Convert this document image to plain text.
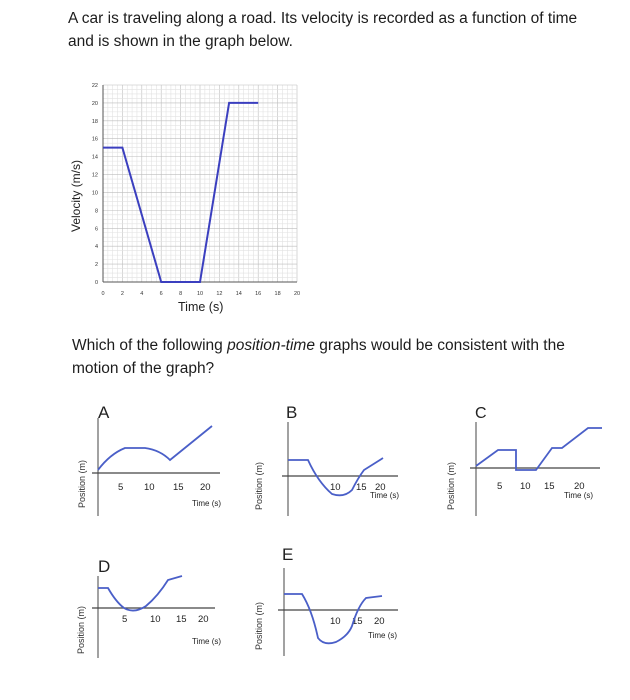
A car is traveling along a road. Its velocity is recorded as a function of time
and is shown in the graph below.
0	2	4	6	8	10 12 14 16 18 20
0
2
4
6
8
10
12
14
16
18
20
22
Velocity (m/s)
Time (s)
Which of the following position-time graphs would be consistent with the
motion of the graph?
A
Position (m)	5 10 15 20
Time (s)
B
Position (m)	10 15 20
Time (s)
C
Position (m)	5 10 15 20
Time (s)
D
Position (m)	5 10 15 20
Time (s)
E
Position (m)	10 15 20
Time (s)
